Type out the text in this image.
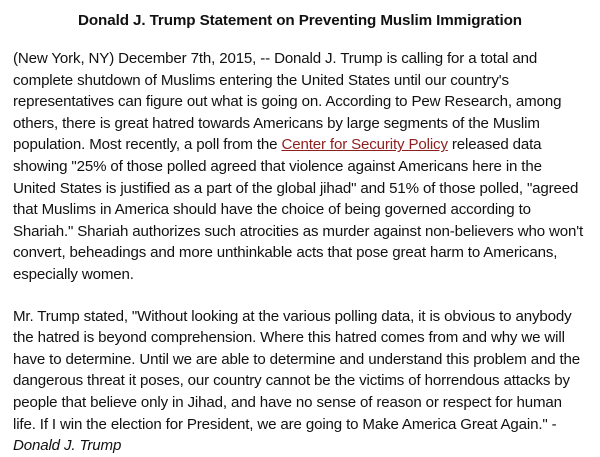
Donald J. Trump Statement on Preventing Muslim Immigration

(New York, NY) December 7th, 2015, -- Donald J. Trump is calling for a total and complete shutdown of Muslims entering the United States until our country's representatives can figure out what is going on. According to Pew Research, among others, there is great hatred towards Americans by large segments of the Muslim population. Most recently, a poll from the Center for Security Policy released data showing "25% of those polled agreed that violence against Americans here in the United States is justified as a part of the global jihad" and 51% of those polled, "agreed that Muslims in America should have the choice of being governed according to Shariah." Shariah authorizes such atrocities as murder against non-believers who won't convert, beheadings and more unthinkable acts that pose great harm to Americans, especially women.

Mr. Trump stated, "Without looking at the various polling data, it is obvious to anybody the hatred is beyond comprehension. Where this hatred comes from and why we will have to determine. Until we are able to determine and understand this problem and the dangerous threat it poses, our country cannot be the victims of horrendous attacks by people that believe only in Jihad, and have no sense of reason or respect for human life. If I win the election for President, we are going to Make America Great Again." - Donald J. Trump
